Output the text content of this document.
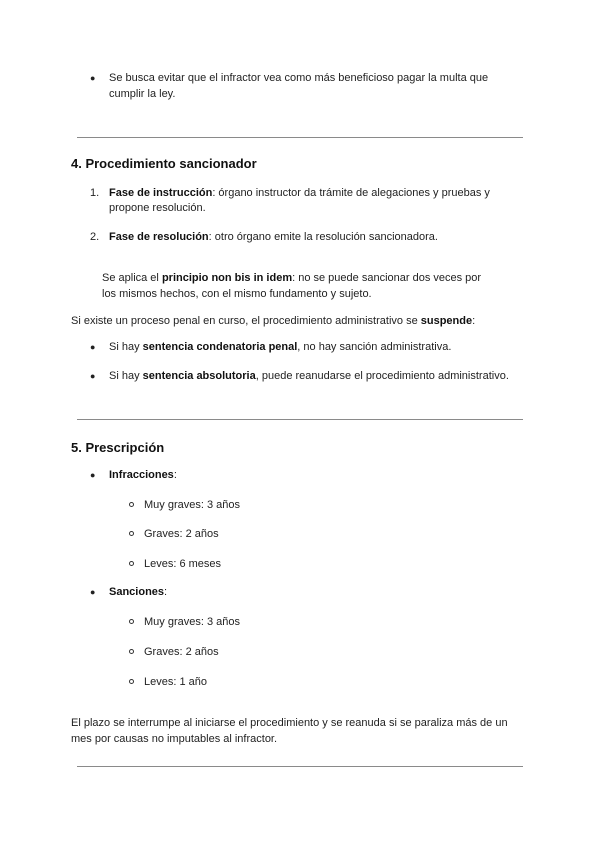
● Se busca evitar que el infractor vea como más beneficioso pagar la multa que
cumplir la ley.
4. Procedimiento sancionador
1. Fase de instrucción: órgano instructor da trámite de alegaciones y pruebas y
propone resolución.
2. Fase de resolución: otro órgano emite la resolución sancionadora.
Se aplica el principio non bis in idem: no se puede sancionar dos veces por
los mismos hechos, con el mismo fundamento y sujeto.
Si existe un proceso penal en curso, el procedimiento administrativo se suspende:
● Si hay sentencia condenatoria penal, no hay sanción administrativa.
● Si hay sentencia absolutoria, puede reanudarse el procedimiento administrativo.
5. Prescripción
● Infracciones:
Muy graves: 3 años
Graves: 2 años
Leves: 6 meses
● Sanciones:
Muy graves: 3 años
Graves: 2 años
Leves: 1 año
El plazo se interrumpe al iniciarse el procedimiento y se reanuda si se paraliza más de un
mes por causas no imputables al infractor.
